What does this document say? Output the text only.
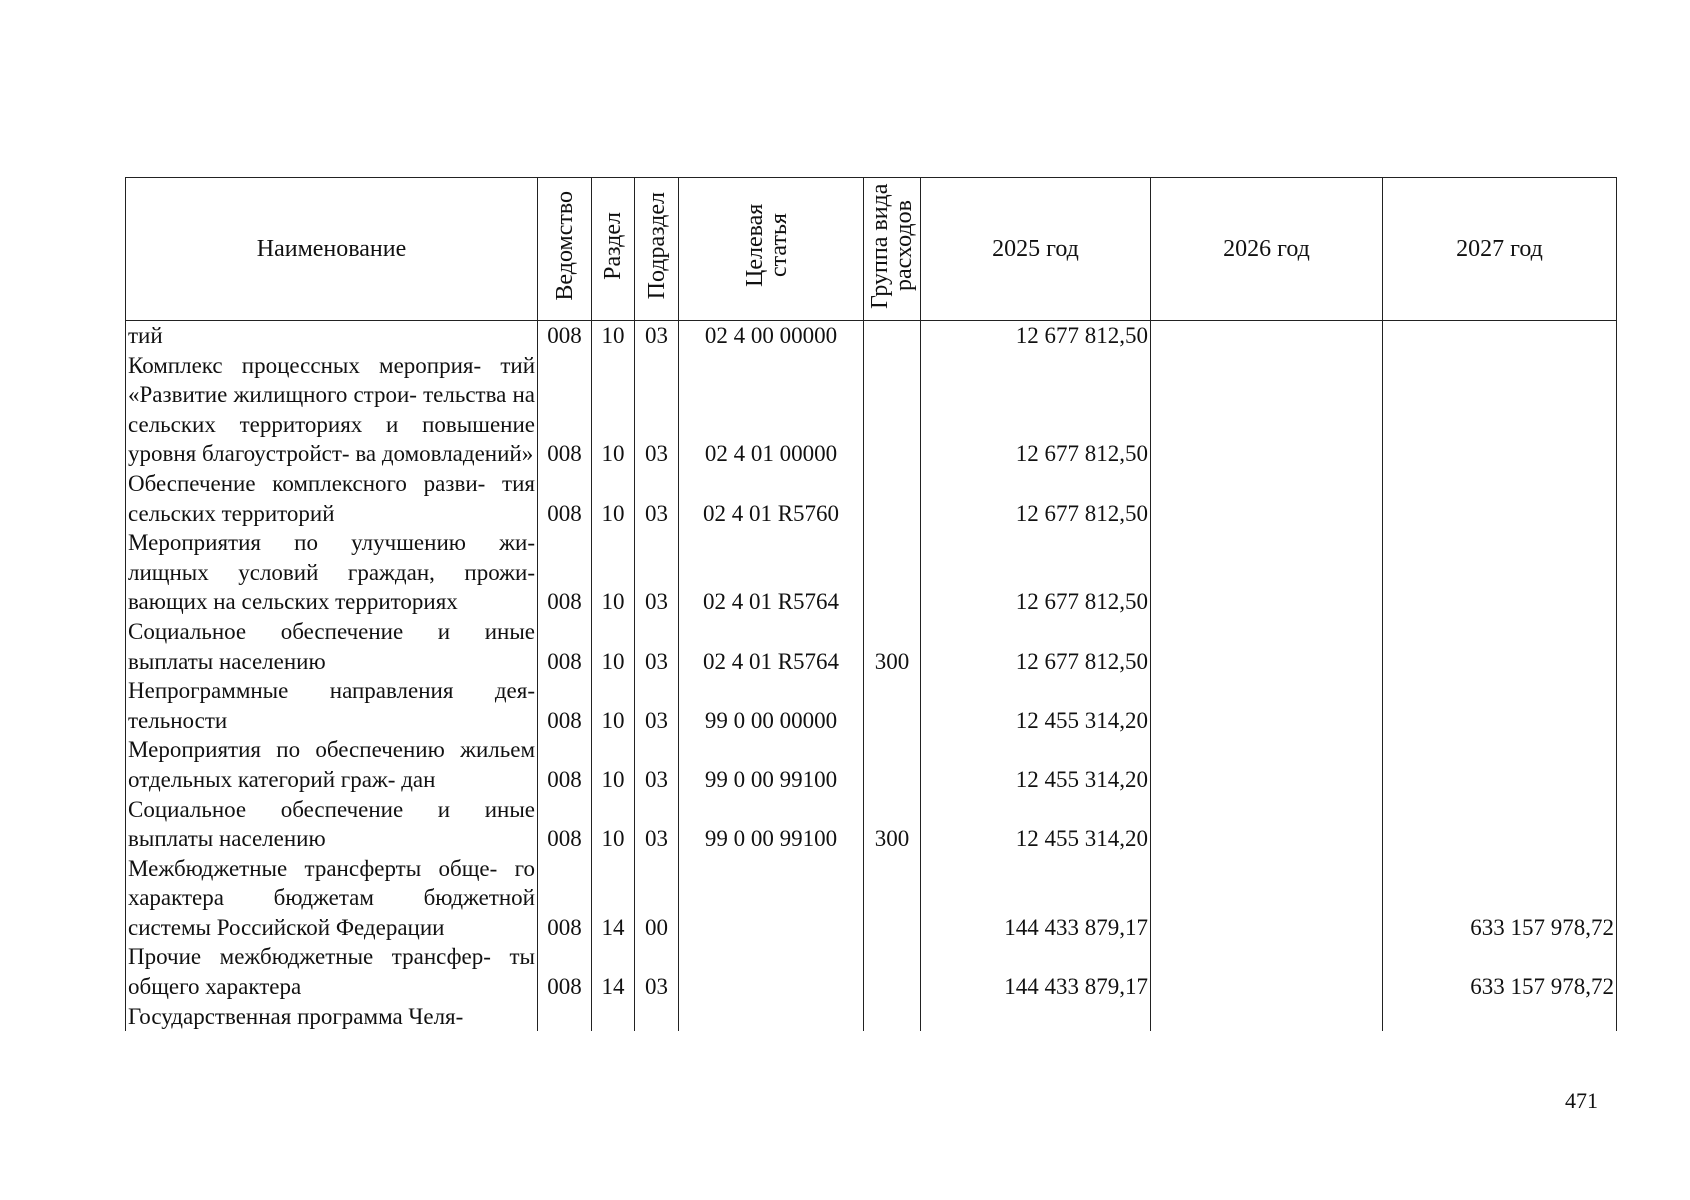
Наименование	Ведомство	Раздел	Подраздел	Целевая статья	Группа вида расходов	2025 год	2026 год	2027 год
тий	008	10	03	02 4 00 00000		12 677 812,50		
Комплекс процессных мероприя- тий «Развитие жилищного строи- тельства на сельских территориях и повышение уровня благоустройст- ва домовладений»	008	10	03	02 4 01 00000		12 677 812,50		
Обеспечение комплексного разви- тия сельских территорий	008	10	03	02 4 01 R5760		12 677 812,50		
Мероприятия по улучшению жи- лищных условий граждан, прожи- вающих на сельских территориях	008	10	03	02 4 01 R5764		12 677 812,50		
Социальное обеспечение и иные выплаты населению	008	10	03	02 4 01 R5764	300	12 677 812,50		
Непрограммные направления дея- тельности	008	10	03	99 0 00 00000		12 455 314,20		
Мероприятия по обеспечению жильем отдельных категорий граж- дан	008	10	03	99 0 00 99100		12 455 314,20		
Социальное обеспечение и иные выплаты населению	008	10	03	99 0 00 99100	300	12 455 314,20		
Межбюджетные трансферты обще- го характера бюджетам бюджетной системы Российской Федерации	008	14	00			144 433 879,17		633 157 978,72
Прочие межбюджетные трансфер- ты общего характера	008	14	03			144 433 879,17		633 157 978,72
Государственная программа Челя-								
471
